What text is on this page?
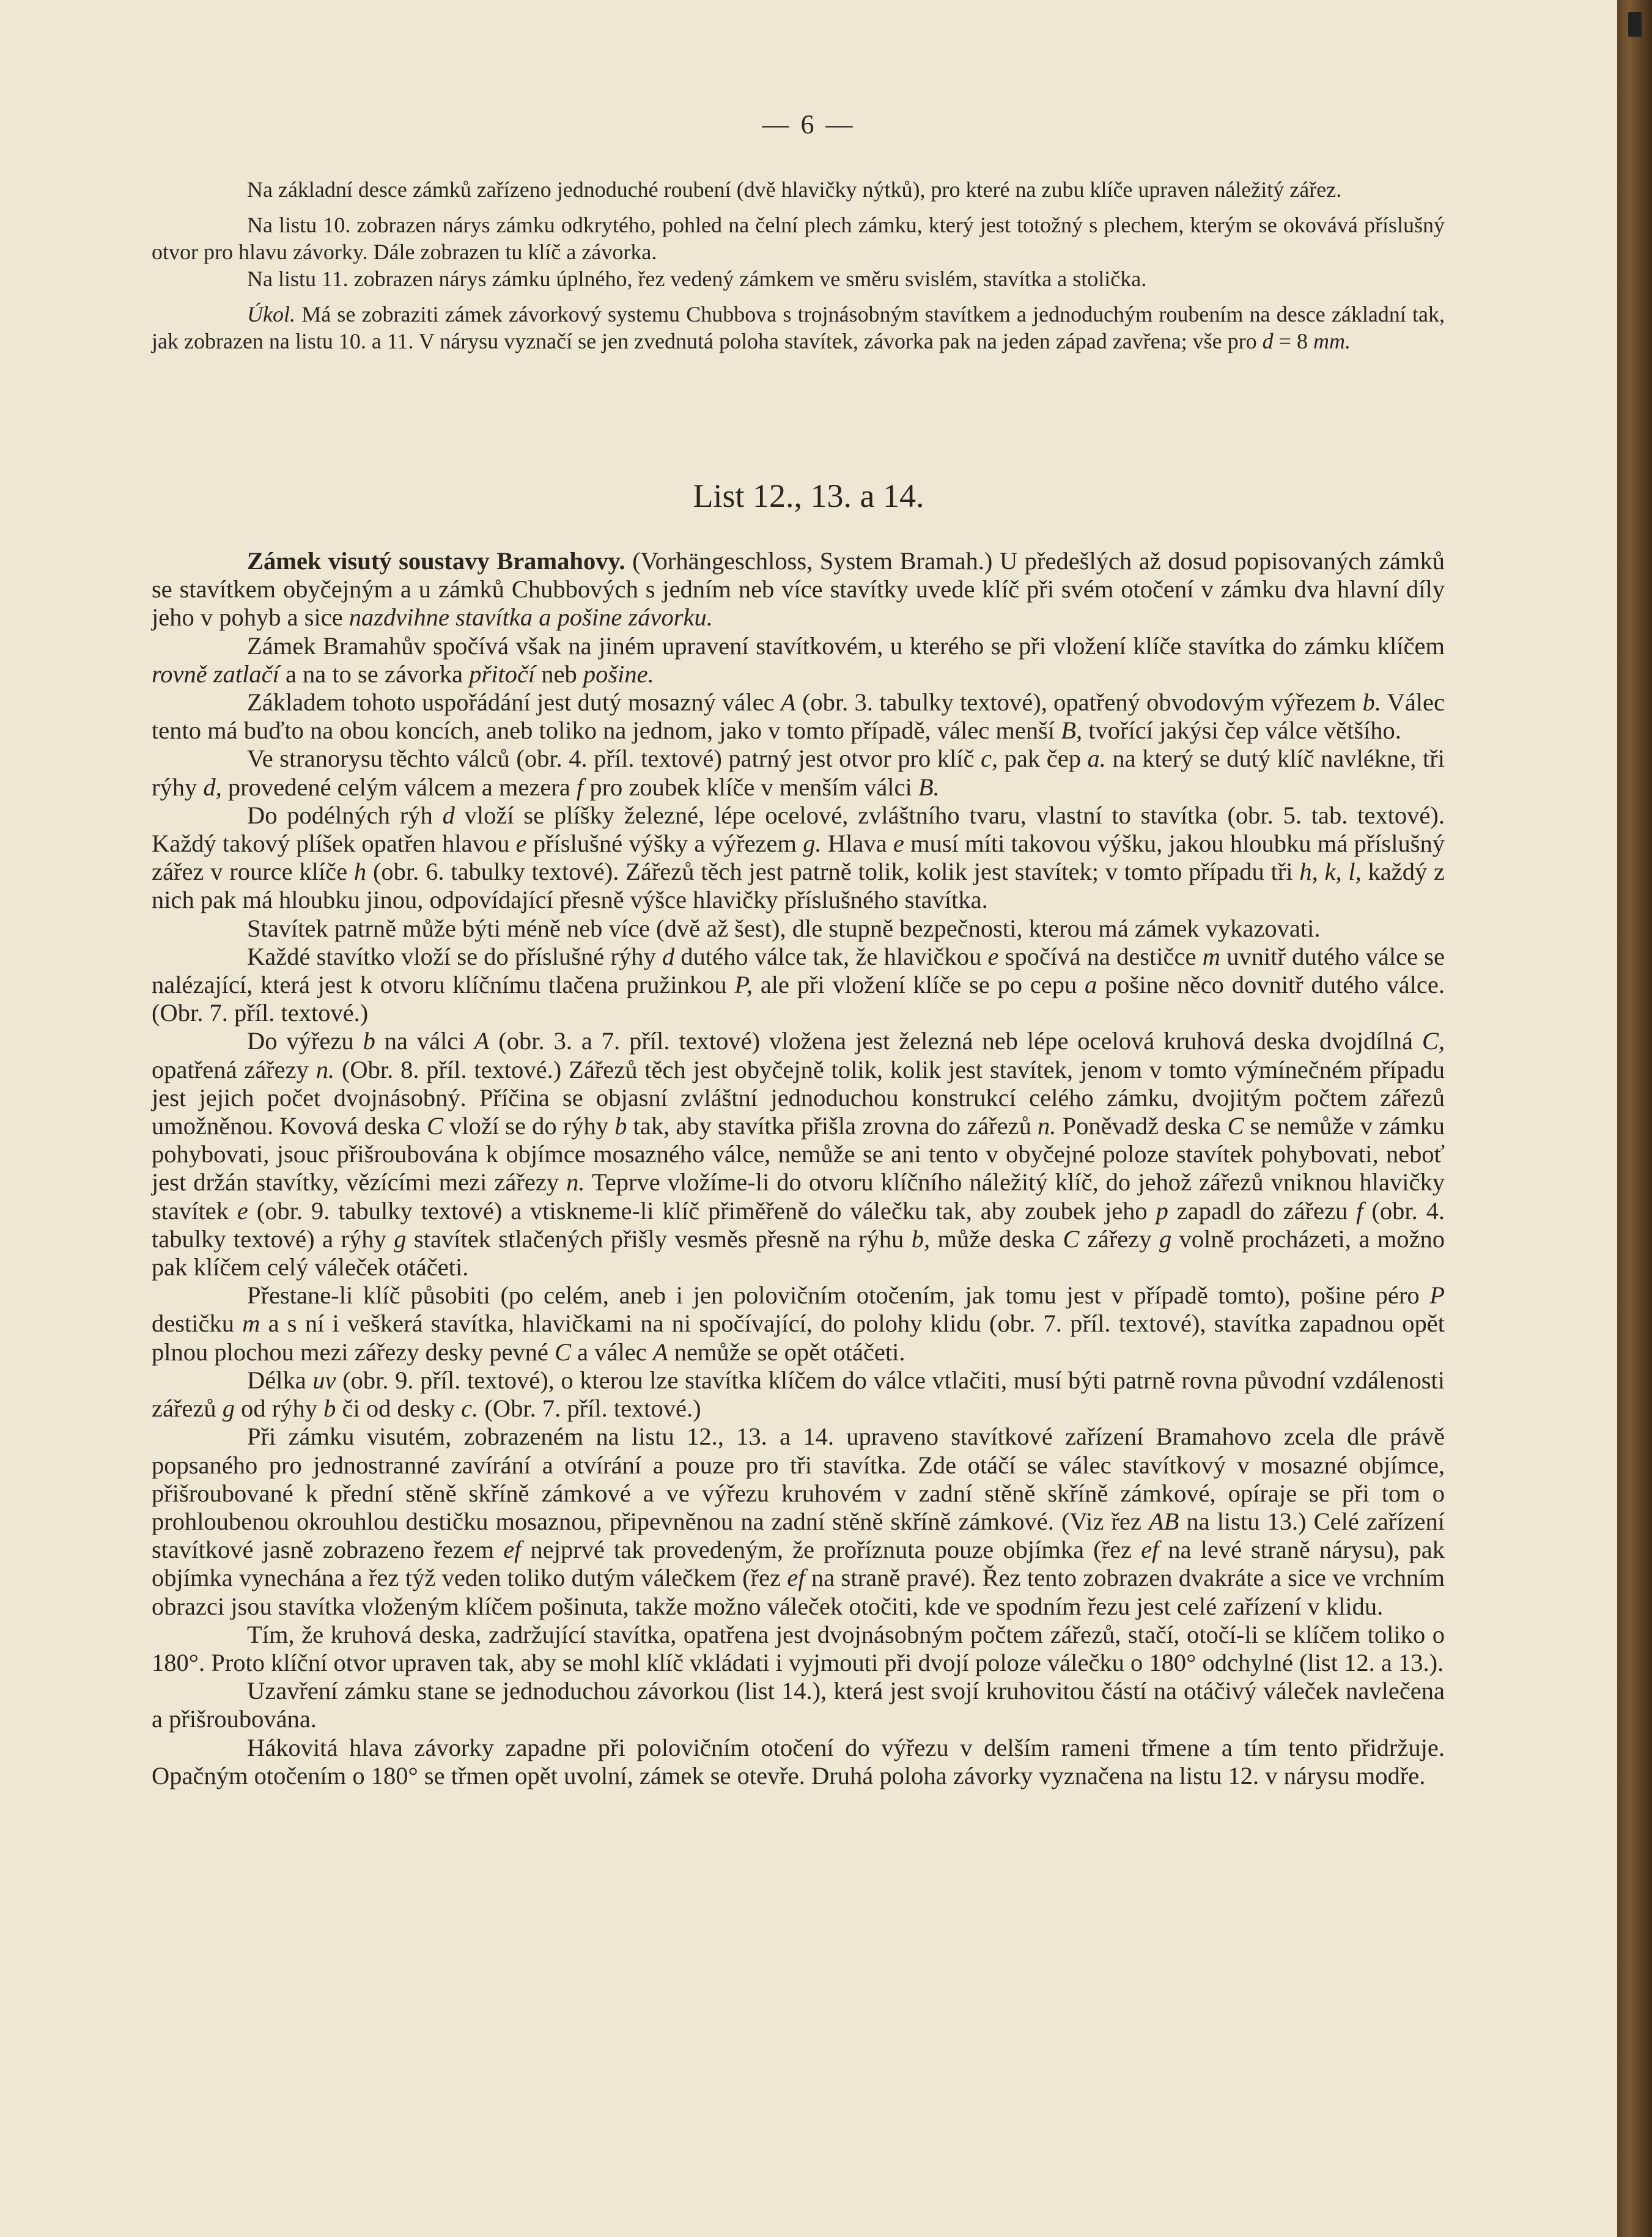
— 6 —

Na základní desce zámků zařízeno jednoduché roubení (dvě hlavičky nýtků), pro které na zubu klíče upraven náležitý zářez.

Na listu 10. zobrazen nárys zámku odkrytého, pohled na čelní plech zámku, který jest totožný s plechem, kterým se okovává příslušný otvor pro hlavu závorky. Dále zobrazen tu klíč a závorka.

Na listu 11. zobrazen nárys zámku úplného, řez vedený zámkem ve směru svislém, stavítka a stolička.

Úkol. Má se zobraziti zámek závorkový systemu Chubbova s trojnásobným stavítkem a jednoduchým roubením na desce základní tak, jak zobrazen na listu 10. a 11. V nárysu vyznačí se jen zvednutá poloha stavítek, závorka pak na jeden západ zavřena; vše pro d = 8 mm.

List 12., 13. a 14.

Zámek visutý soustavy Bramahovy. (Vorhängeschloss, System Bramah.) U předešlých až dosud popisovaných zámků se stavítkem obyčejným a u zámků Chubbových s jedním neb více stavítky uvede klíč při svém otočení v zámku dva hlavní díly jeho v pohyb a sice nazdvihne stavítka a pošine závorku.

Zámek Bramahův spočívá však na jiném upravení stavítkovém, u kterého se při vložení klíče stavítka do zámku klíčem rovně zatlačí a na to se závorka přitočí neb pošine.

Základem tohoto uspořádání jest dutý mosazný válec A (obr. 3. tabulky textové), opatřený obvodovým výřezem b. Válec tento má buďto na obou koncích, aneb toliko na jednom, jako v tomto případě, válec menší B, tvořící jakýsi čep válce většího.

Ve stranorysu těchto válců (obr. 4. příl. textové) patrný jest otvor pro klíč c, pak čep a. na který se dutý klíč navlékne, tři rýhy d, provedené celým válcem a mezera f pro zoubek klíče v menším válci B.

Do podélných rýh d vloží se plíšky železné, lépe ocelové, zvláštního tvaru, vlastní to stavítka (obr. 5. tab. textové). Každý takový plíšek opatřen hlavou e příslušné výšky a výřezem g. Hlava e musí míti takovou výšku, jakou hloubku má příslušný zářez v rource klíče h (obr. 6. tabulky textové). Zářezů těch jest patrně tolik, kolik jest stavítek; v tomto případu tři h, k, l, každý z nich pak má hloubku jinou, odpovídající přesně výšce hlavičky příslušného stavítka.

Stavítek patrně může býti méně neb více (dvě až šest), dle stupně bezpečnosti, kterou má zámek vykazovati.

Každé stavítko vloží se do příslušné rýhy d dutého válce tak, že hlavičkou e spočívá na destičce m uvnitř dutého válce se nalézající, která jest k otvoru klíčnímu tlačena pružinkou P, ale při vložení klíče se po cepu a pošine něco dovnitř dutého válce. (Obr. 7. příl. textové.)

Do výřezu b na válci A (obr. 3. a 7. příl. textové) vložena jest železná neb lépe ocelová kruhová deska dvojdílná C, opatřená zářezy n. (Obr. 8. příl. textové.) Zářezů těch jest obyčejně tolik, kolik jest stavítek, jenom v tomto výmínečném případu jest jejich počet dvojnásobný. Příčina se objasní zvláštní jednoduchou konstrukcí celého zámku, dvojitým počtem zářezů umožněnou. Kovová deska C vloží se do rýhy b tak, aby stavítka přišla zrovna do zářezů n. Poněvadž deska C se nemůže v zámku pohybovati, jsouc přišroubována k objímce mosazného válce, nemůže se ani tento v obyčejné poloze stavítek pohybovati, neboť jest držán stavítky, vězícími mezi zářezy n. Teprve vložíme-li do otvoru klíčního náležitý klíč, do jehož zářezů vniknou hlavičky stavítek e (obr. 9. tabulky textové) a vtiskneme-li klíč přiměřeně do válečku tak, aby zoubek jeho p zapadl do zářezu f (obr. 4. tabulky textové) a rýhy g stavítek stlačených přišly vesměs přesně na rýhu b, může deska C zářezy g volně procházeti, a možno pak klíčem celý váleček otáčeti.

Přestane-li klíč působiti (po celém, aneb i jen polovičním otočením, jak tomu jest v případě tomto), pošine péro P destičku m a s ní i veškerá stavítka, hlavičkami na ni spočívající, do polohy klidu (obr. 7. příl. textové), stavítka zapadnou opět plnou plochou mezi zářezy desky pevné C a válec A nemůže se opět otáčeti.

Délka uv (obr. 9. příl. textové), o kterou lze stavítka klíčem do válce vtlačiti, musí býti patrně rovna původní vzdálenosti zářezů g od rýhy b či od desky c. (Obr. 7. příl. textové.)

Při zámku visutém, zobrazeném na listu 12., 13. a 14. upraveno stavítkové zařízení Bramahovo zcela dle právě popsaného pro jednostranné zavírání a otvírání a pouze pro tři stavítka. Zde otáčí se válec stavítkový v mosazné objímce, přišroubované k přední stěně skříně zámkové a ve výřezu kruhovém v zadní stěně skříně zámkové, opíraje se při tom o prohloubenou okrouhlou destičku mosaznou, připevněnou na zadní stěně skříně zámkové. (Viz řez AB na listu 13.) Celé zařízení stavítkové jasně zobrazeno řezem ef nejprvé tak provedeným, že proříznuta pouze objímka (řez ef na levé straně nárysu), pak objímka vynechána a řez týž veden toliko dutým válečkem (řez ef na straně pravé). Řez tento zobrazen dvakráte a sice ve vrchním obrazci jsou stavítka vloženým klíčem pošinuta, takže možno váleček otočiti, kde ve spodním řezu jest celé zařízení v klidu.

Tím, že kruhová deska, zadržující stavítka, opatřena jest dvojnásobným počtem zářezů, stačí, otočí-li se klíčem toliko o 180°. Proto klíční otvor upraven tak, aby se mohl klíč vkládati i vyjmouti při dvojí poloze válečku o 180° odchylné (list 12. a 13.).

Uzavření zámku stane se jednoduchou závorkou (list 14.), která jest svojí kruhovitou částí na otáčivý váleček navlečena a přišroubována.

Hákovitá hlava závorky zapadne při polovičním otočení do výřezu v delším rameni třmene a tím tento přidržuje. Opačným otočením o 180° se třmen opět uvolní, zámek se otevře. Druhá poloha závorky vyznačena na listu 12. v nárysu modře.
